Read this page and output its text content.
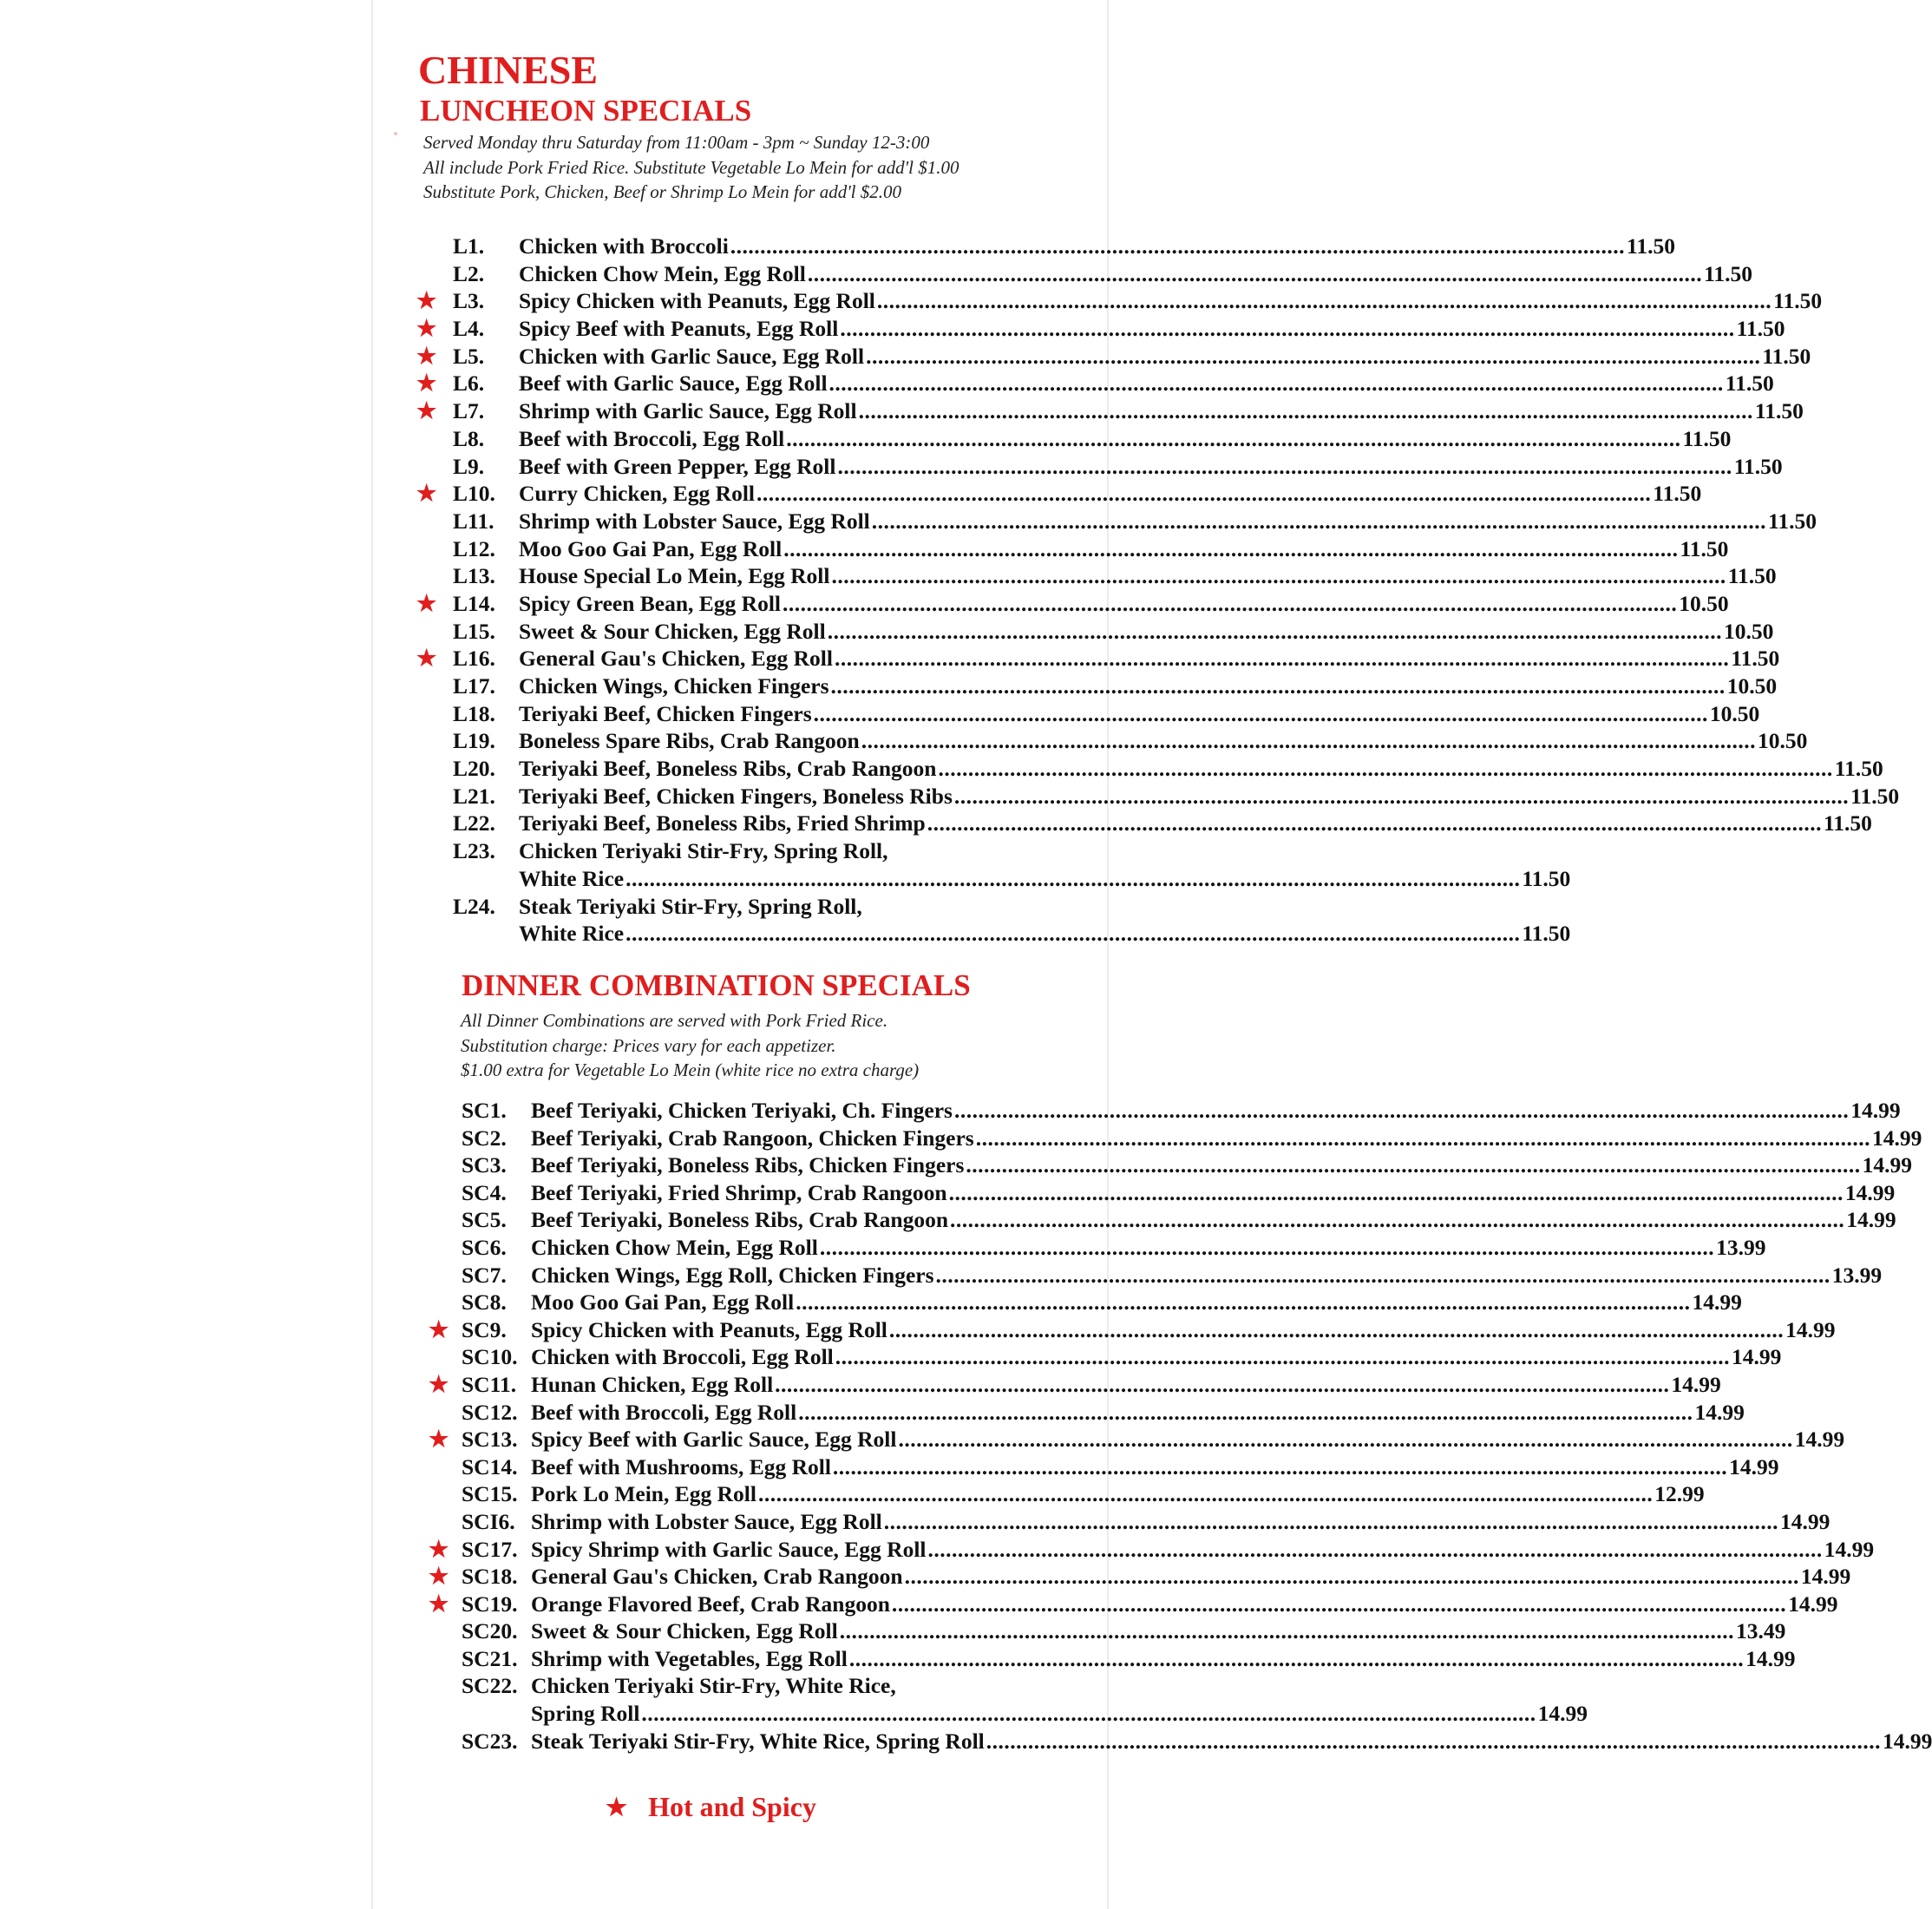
CHINESE
LUNCHEON SPECIALS
Served Monday thru Saturday from 11:00am - 3pm ~ Sunday 12-3:00
All include Pork Fried Rice. Substitute Vegetable Lo Mein for add'l $1.00
Substitute Pork, Chicken, Beef or Shrimp Lo Mein for add'l $2.00
L1.	Chicken with Broccoli .....	11.50
L2.	Chicken Chow Mein, Egg Roll .....	11.50
★ L3.	Spicy Chicken with Peanuts, Egg Roll .....	11.50
★ L4.	Spicy Beef with Peanuts, Egg Roll .....	11.50
★ L5.	Chicken with Garlic Sauce, Egg Roll .....	11.50
★ L6.	Beef with Garlic Sauce, Egg Roll .....	11.50
★ L7.	Shrimp with Garlic Sauce, Egg Roll .....	11.50
L8.	Beef with Broccoli, Egg Roll .....	11.50
L9.	Beef with Green Pepper, Egg Roll .....	11.50
★ L10.	Curry Chicken, Egg Roll .....	11.50
L11.	Shrimp with Lobster Sauce, Egg Roll .....	11.50
L12.	Moo Goo Gai Pan, Egg Roll .....	11.50
L13.	House Special Lo Mein, Egg Roll .....	11.50
★ L14.	Spicy Green Bean, Egg Roll .....	10.50
L15.	Sweet & Sour Chicken, Egg Roll .....	10.50
★ L16.	General Gau's Chicken, Egg Roll .....	11.50
L17.	Chicken Wings, Chicken Fingers .....	10.50
L18.	Teriyaki Beef, Chicken Fingers .....	10.50
L19.	Boneless Spare Ribs, Crab Rangoon .....	10.50
L20.	Teriyaki Beef, Boneless Ribs, Crab Rangoon .....	11.50
L21.	Teriyaki Beef, Chicken Fingers, Boneless Ribs .....	11.50
L22.	Teriyaki Beef, Boneless Ribs, Fried Shrimp .....	11.50
L23.	Chicken Teriyaki Stir-Fry, Spring Roll,
White Rice .....	11.50
L24.	Steak Teriyaki Stir-Fry, Spring Roll,
White Rice .....	11.50
DINNER COMBINATION SPECIALS
All Dinner Combinations are served with Pork Fried Rice.
Substitution charge: Prices vary for each appetizer.
$1.00 extra for Vegetable Lo Mein (white rice no extra charge)
SC1.	Beef Teriyaki, Chicken Teriyaki, Ch. Fingers .....	14.99
SC2.	Beef Teriyaki, Crab Rangoon, Chicken Fingers .....	14.99
SC3.	Beef Teriyaki, Boneless Ribs, Chicken Fingers .....	14.99
SC4.	Beef Teriyaki, Fried Shrimp, Crab Rangoon .....	14.99
SC5.	Beef Teriyaki, Boneless Ribs, Crab Rangoon .....	14.99
SC6.	Chicken Chow Mein, Egg Roll .....	13.99
SC7.	Chicken Wings, Egg Roll, Chicken Fingers .....	13.99
SC8.	Moo Goo Gai Pan, Egg Roll .....	14.99
★ SC9.	Spicy Chicken with Peanuts, Egg Roll .....	14.99
SC10. Chicken with Broccoli, Egg Roll .....	14.99
★ SC11. Hunan Chicken, Egg Roll .....	14.99
SC12. Beef with Broccoli, Egg Roll .....	14.99
★ SC13. Spicy Beef with Garlic Sauce, Egg Roll .....	14.99
SC14. Beef with Mushrooms, Egg Roll .....	14.99
SC15. Pork Lo Mein, Egg Roll .....	12.99
SCI6. Shrimp with Lobster Sauce, Egg Roll .....	14.99
★ SC17. Spicy Shrimp with Garlic Sauce, Egg Roll .....	14.99
★ SC18. General Gau's Chicken, Crab Rangoon .....	14.99
★ SC19. Orange Flavored Beef, Crab Rangoon .....	14.99
SC20. Sweet & Sour Chicken, Egg Roll .....	13.49
SC21. Shrimp with Vegetables, Egg Roll .....	14.99
SC22. Chicken Teriyaki Stir-Fry, White Rice,
Spring Roll .....	14.99
SC23. Steak Teriyaki Stir-Fry, White Rice, Spring Roll .....	14.99
★ Hot and Spicy
